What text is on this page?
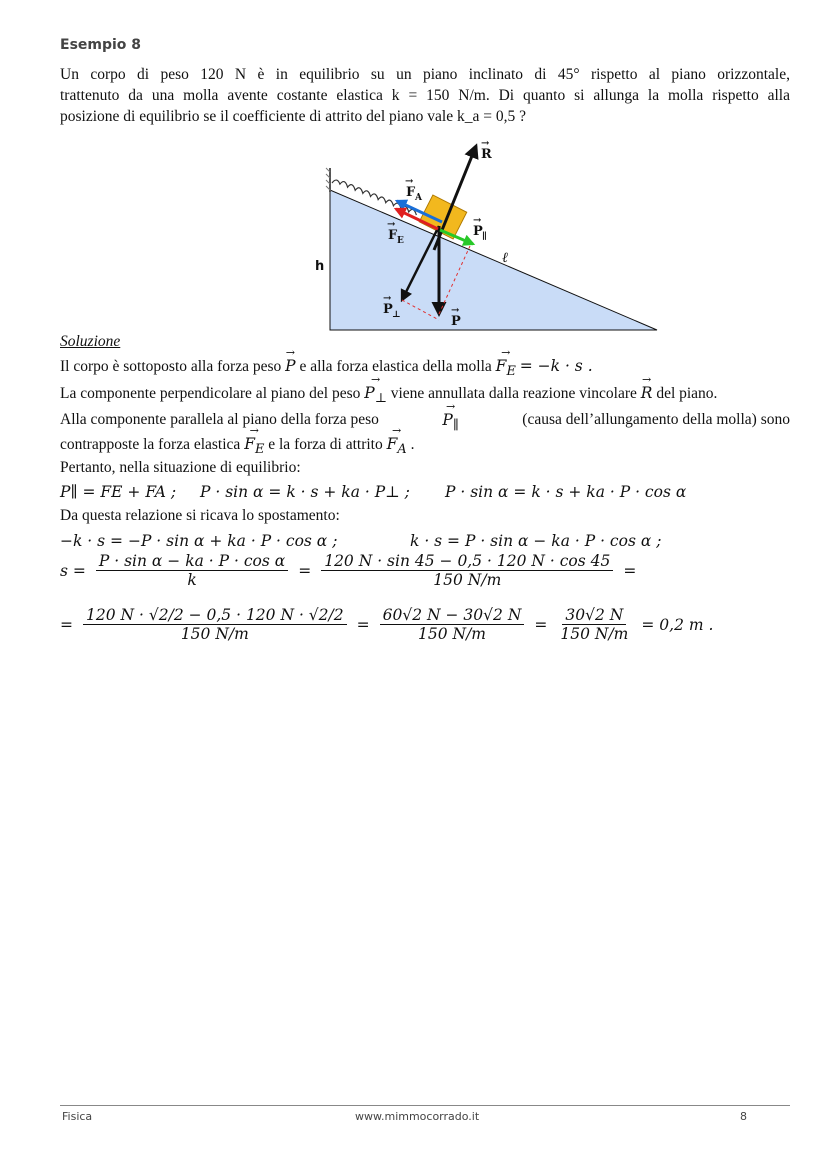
Esempio 8
Un corpo di peso 120 N è in equilibrio su un piano inclinato di 45° rispetto al piano orizzontale,
trattenuto da una molla avente costante elastica k = 150 N/m. Di quanto si allunga la molla rispetto alla
posizione di equilibrio se il coefficiente di attrito del piano vale k_a = 0,5 ?
R
→
F
→
A
F
→
E
P
→
∥
P
→
⊥	P
→
h
ℓ
Soluzione
Il corpo è sottoposto alla forza peso → P e alla forza elastica della molla → $F_E = -k \cdot s$ .
La componente perpendicolare al piano del peso → $P_\perp$ viene annullata dalla reazione vincolare → R del piano.
Alla componente parallela al piano della forza peso	→ $P_\parallel$	(causa dell’allungamento della molla) sono
contrapposte la forza elastica → $F_E$ e la forza di attrito → $F_A$ .
Pertanto, nella situazione di equilibrio:
P∥ = FE + FA ; P · sin α = k · s + ka · P⊥ ; P · sin α = k · s + ka · P · cos α
Da questa relazione si ricava lo spostamento:
−k · s = −P · sin α + ka · P · cos α ;	k · s = P · sin α − ka · P · cos α ;
$s = \frac{\text{P · sin α − ka · P · cos α}}{k} = \frac{120 N \cdot \sin 45 - 0,5 \cdot 120 N \cdot \cos 45}{150 N/m}$ =
= $\frac{120 N \cdot √2/2 - 0,5 \cdot 120 N \cdot √2/2}{150 N/m} = \frac{60√2 N - 30√2 N}{150 N/m} = \frac{30√2 N}{150 N/m} = 0,2$ m .
Fisica	www.mimmocorrado.it	8
